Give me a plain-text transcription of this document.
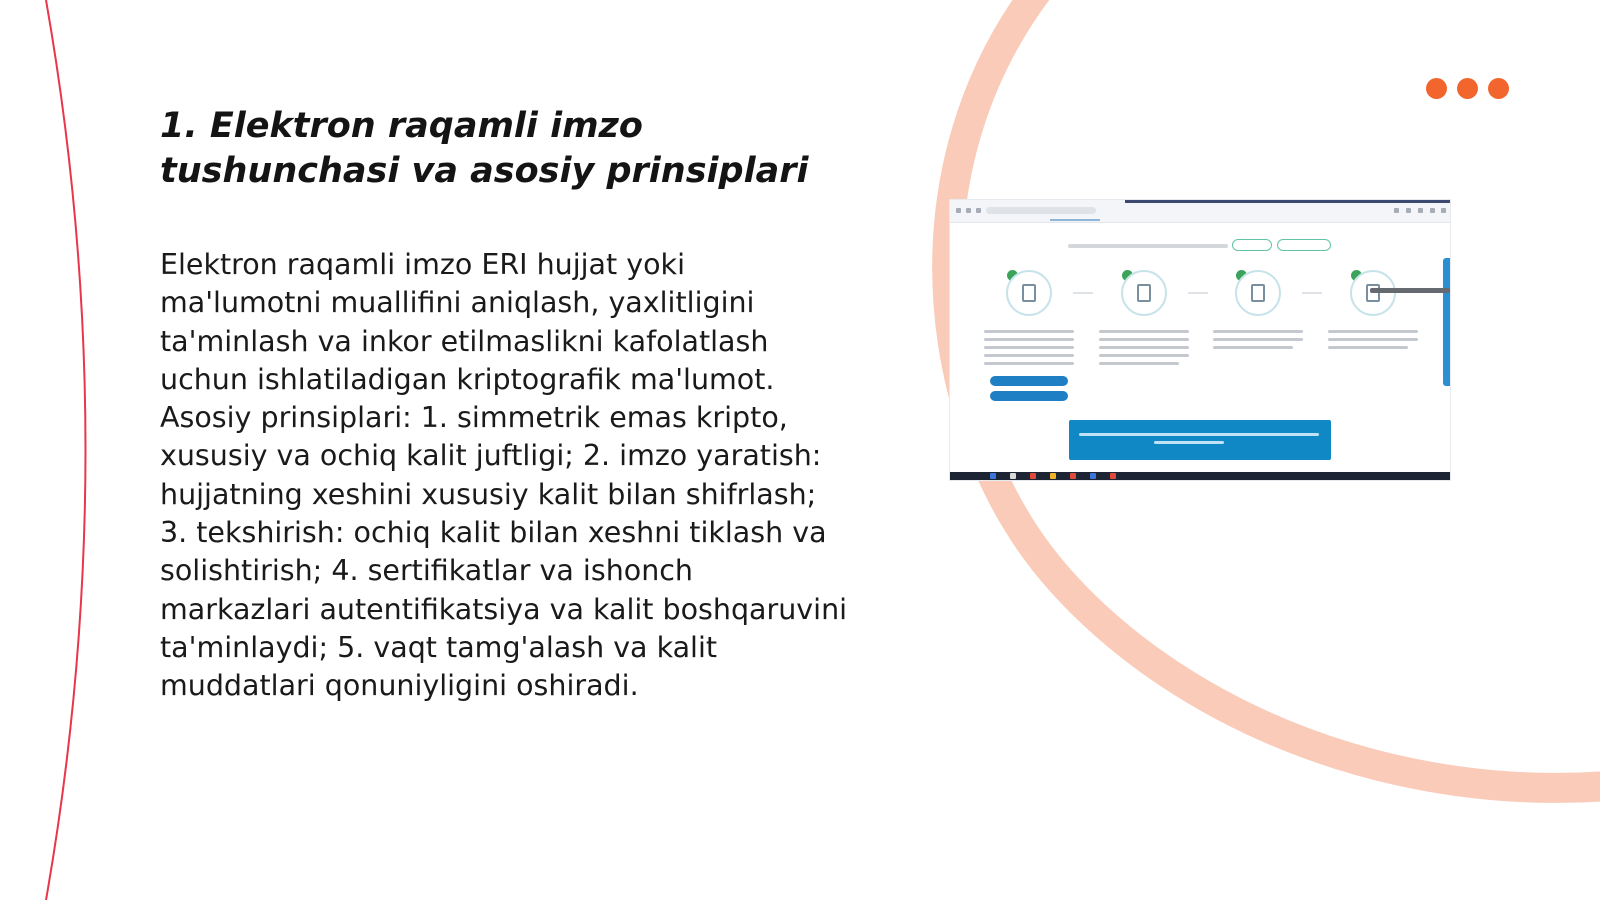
1. Elektron raqamli imzo tushunchasi va asosiy prinsiplari

Elektron raqamli imzo ERI hujjat yoki ma'lumotni muallifini aniqlash, yaxlitligini ta'minlash va inkor etilmaslikni kafolatlash uchun ishlatiladigan kriptografik ma'lumot. Asosiy prinsiplari: 1. simmetrik emas kripto, xususiy va ochiq kalit juftligi; 2. imzo yaratish: hujjatning xeshini xususiy kalit bilan shifrlash; 3. tekshirish: ochiq kalit bilan xeshni tiklash va solishtirish; 4. sertifikatlar va ishonch markazlari autentifikatsiya va kalit boshqaruvini ta'minlaydi; 5. vaqt tamg'alash va kalit muddatlari qonuniyligini oshiradi.
